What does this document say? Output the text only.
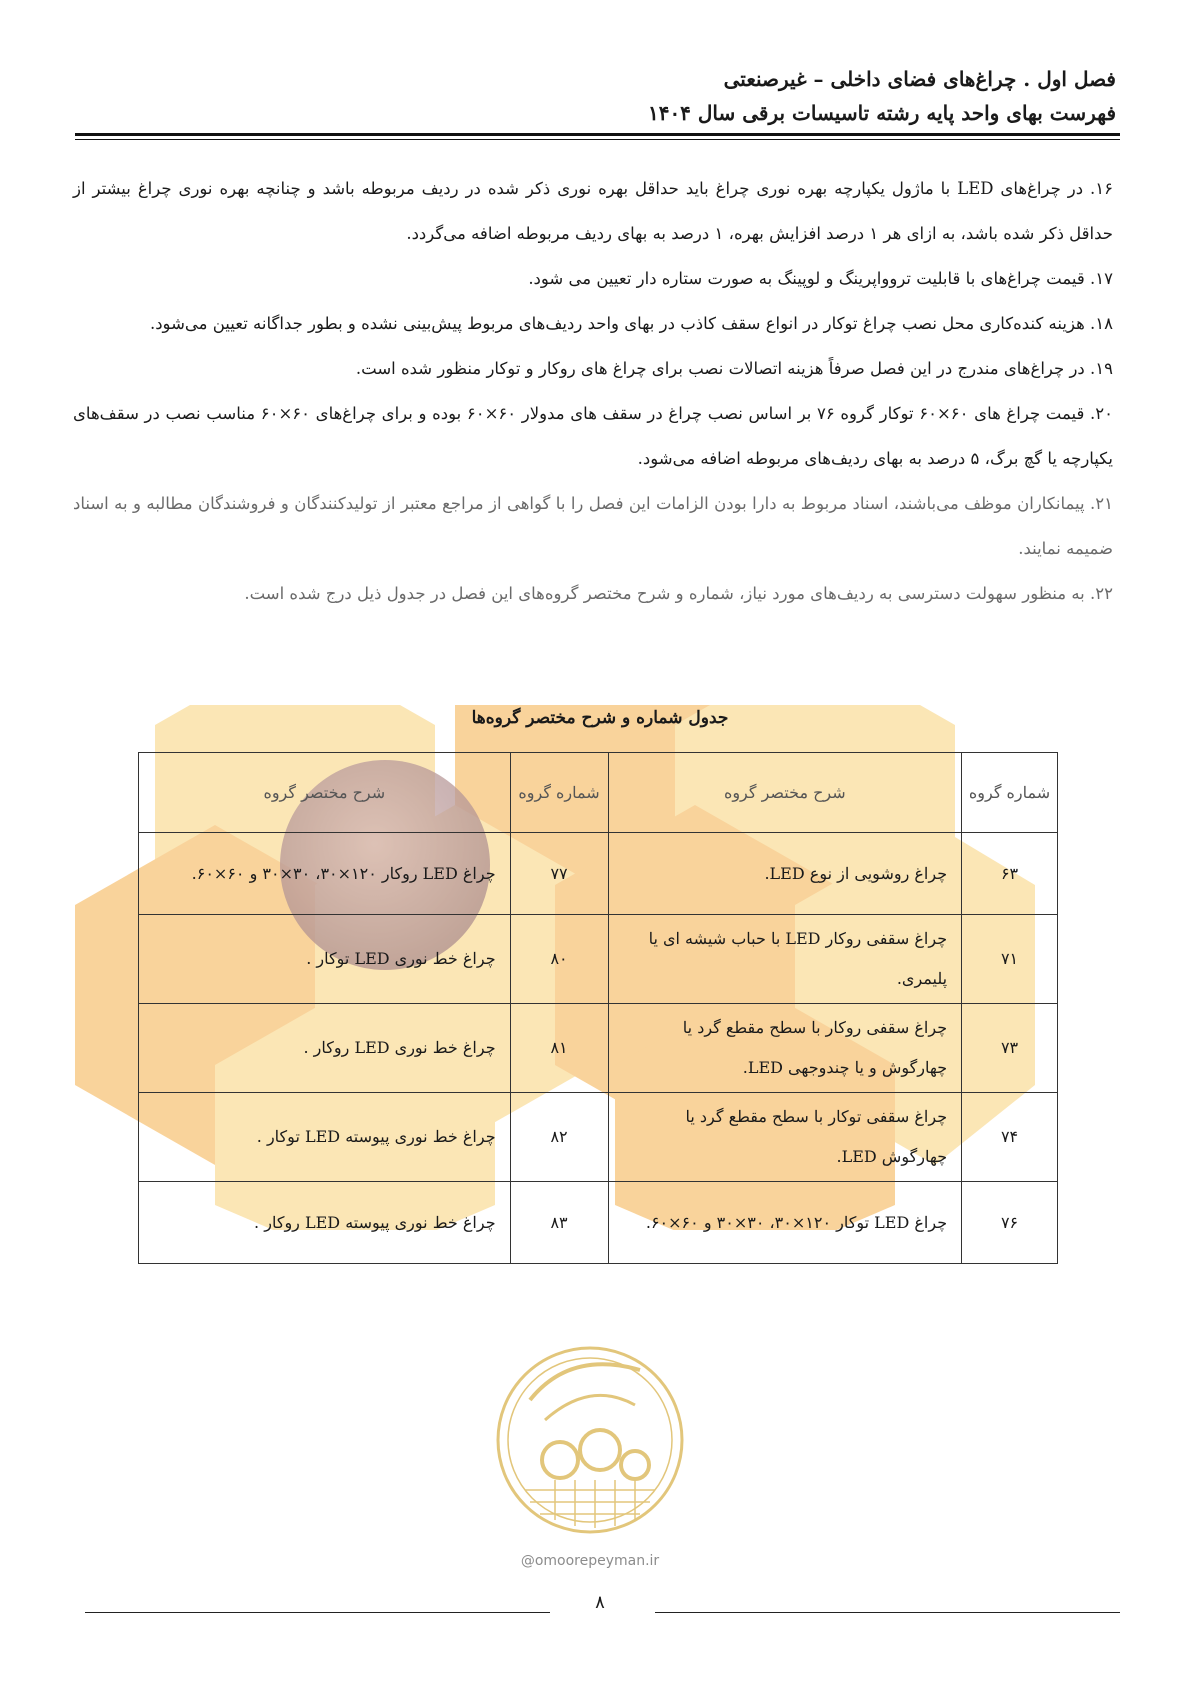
فصل اول . چراغ‌های فضای داخلی – غیرصنعتی
فهرست بهای واحد پایه رشته تاسیسات برقی سال ۱۴۰۴

۱۶. در چراغ‌های LED با ماژول یکپارچه بهره نوری چراغ باید حداقل بهره نوری ذکر شده در ردیف مربوطه باشد و چنانچه بهره نوری چراغ بیشتر از حداقل ذکر شده باشد، به ازای هر ۱ درصد افزایش بهره، ۱ درصد به بهای ردیف مربوطه اضافه می‌گردد.

۱۷. قیمت چراغ‌های با قابلیت تروواپرینگ و لوپینگ به صورت ستاره دار تعیین می شود.

۱۸. هزینه کنده‌کاری محل نصب چراغ توکار در انواع سقف کاذب در بهای واحد ردیف‌های مربوط پیش‌بینی نشده و بطور جداگانه تعیین می‌شود.

۱۹. در چراغ‌های مندرج در این فصل صرفاً هزینه اتصالات نصب برای چراغ های روکار و توکار منظور شده است.

۲۰. قیمت چراغ های ۶۰×۶۰ توکار گروه ۷۶ بر اساس نصب چراغ در سقف های مدولار ۶۰×۶۰ بوده و برای چراغ‌های ۶۰×۶۰ مناسب نصب در سقف‌های یکپارچه یا گچ برگ، ۵ درصد به بهای ردیف‌های مربوطه اضافه می‌شود.

۲۱. پیمانکاران موظف می‌باشند، اسناد مربوط به دارا بودن الزامات این فصل را با گواهی از مراجع معتبر از تولیدکنندگان و فروشندگان مطالبه و به اسناد ضمیمه نمایند.

۲۲. به منظور سهولت دسترسی به ردیف‌های مورد نیاز، شماره و شرح مختصر گروه‌های این فصل در جدول ذیل درج شده است.

جدول شماره و شرح مختصر گروه‌ها
شماره گروه	شرح مختصر گروه	شماره گروه	شرح مختصر گروه
۶۳	چراغ روشویی از نوع LED.	۷۷	چراغ LED روکار ۱۲۰×۳۰، ۳۰×۳۰ و ۶۰×۶۰.
۷۱	چراغ سقفی روکار LED با حباب شیشه ای یا پلیمری.	۸۰	چراغ خط نوری LED توکار .
۷۳	چراغ سقفی روکار با سطح مقطع گرد یا چهارگوش و یا چندوجهی LED.	۸۱	چراغ خط نوری LED روکار .
۷۴	چراغ سقفی توکار با سطح مقطع گرد یا چهارگوش LED.	۸۲	چراغ خط نوری پیوسته LED توکار .
۷۶	چراغ LED توکار ۱۲۰×۳۰، ۳۰×۳۰ و ۶۰×۶۰.	۸۳	چراغ خط نوری پیوسته LED روکار .
@omoorepeyman.ir
۸
